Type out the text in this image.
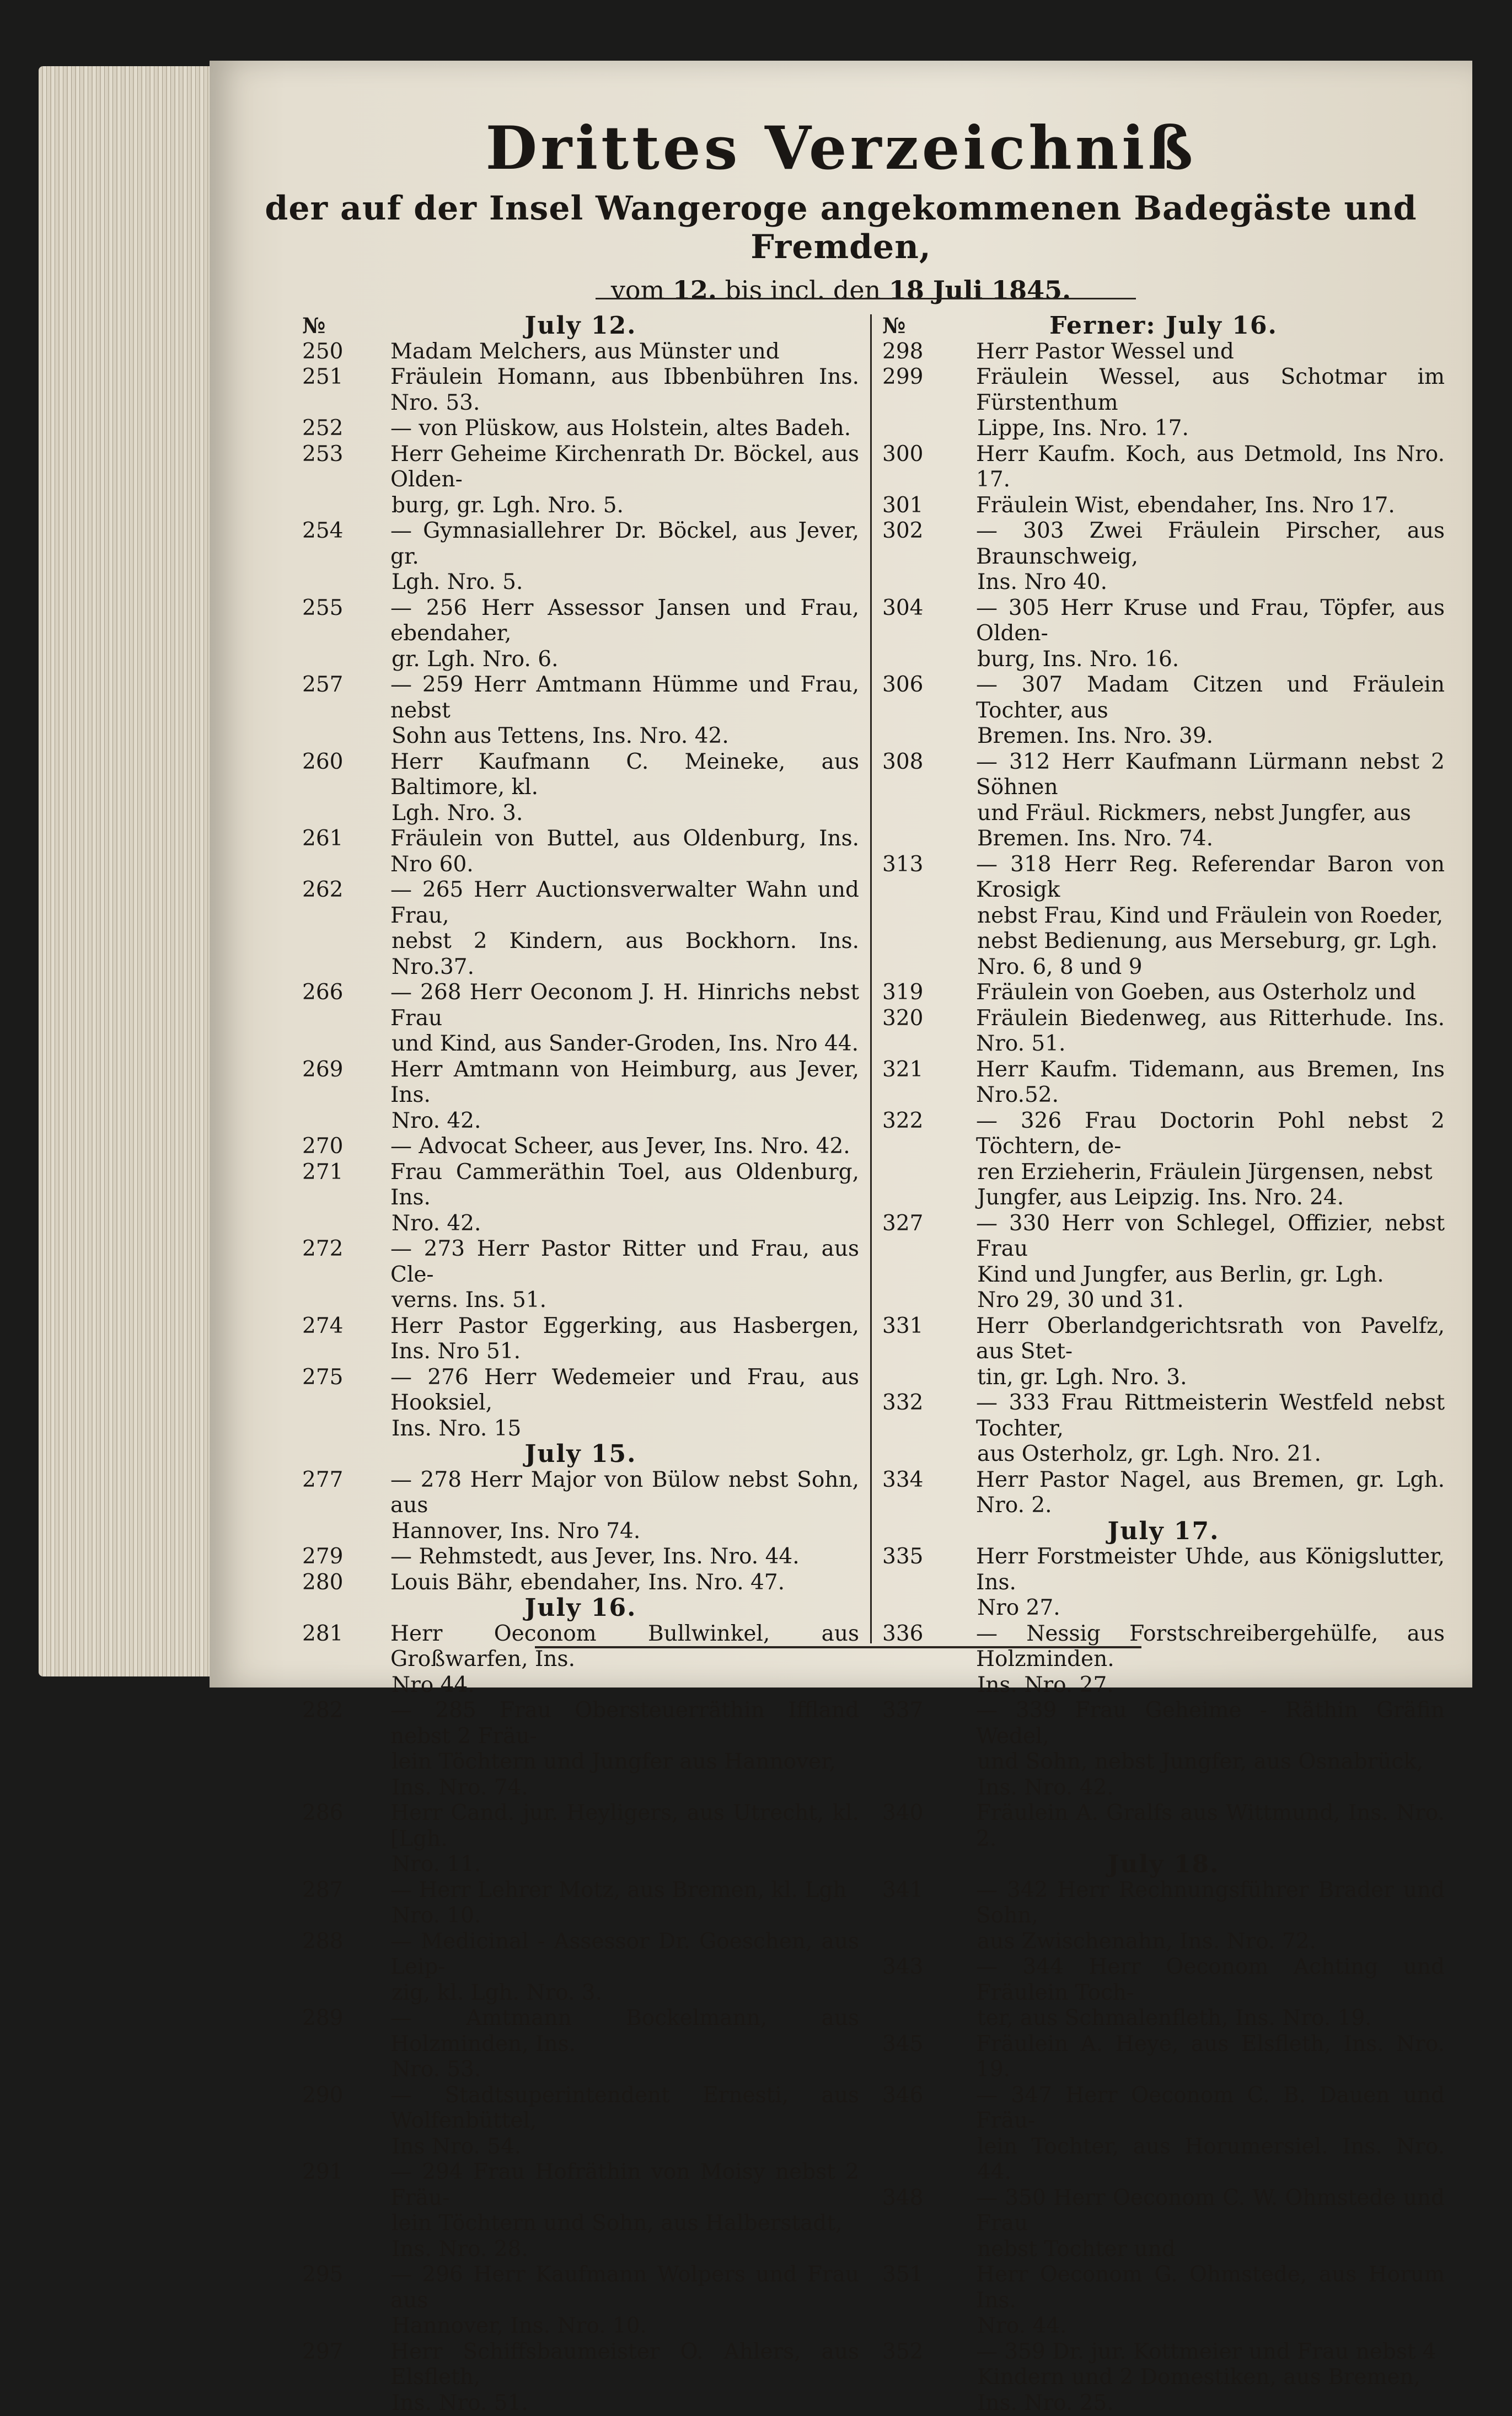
Drittes Verzeichniß
der auf der Insel Wangeroge angekommenen Badegäste und Fremden,
vom 12. bis incl. den 18 Juli 1845.
№	July 12.
250	Madam Melchers, aus Münster und
251	Fräulein Homann, aus Ibbenbühren Ins. Nro. 53.
252	— von Plüskow, aus Holstein, altes Badeh.
253	Herr Geheime Kirchenrath Dr. Böckel, aus Olden-
burg, gr. Lgh. Nro. 5.
254	— Gymnasiallehrer Dr. Böckel, aus Jever, gr.
Lgh. Nro. 5.
255	— 256 Herr Assessor Jansen und Frau, ebendaher,
gr. Lgh. Nro. 6.
257	— 259 Herr Amtmann Hümme und Frau, nebst
Sohn aus Tettens, Ins. Nro. 42.
260	Herr Kaufmann C. Meineke, aus Baltimore, kl.
Lgh. Nro. 3.
261	Fräulein von Buttel, aus Oldenburg, Ins. Nro 60.
262	— 265 Herr Auctionsverwalter Wahn und Frau,
nebst 2 Kindern, aus Bockhorn. Ins. Nro.37.
266	— 268 Herr Oeconom J. H. Hinrichs nebst Frau
und Kind, aus Sander-Groden, Ins. Nro 44.
269	Herr Amtmann von Heimburg, aus Jever, Ins.
Nro. 42.
270	— Advocat Scheer, aus Jever, Ins. Nro. 42.
271	Frau Cammeräthin Toel, aus Oldenburg, Ins.
Nro. 42.
272	— 273 Herr Pastor Ritter und Frau, aus Cle-
verns. Ins. 51.
274	Herr Pastor Eggerking, aus Hasbergen, Ins. Nro 51.
275	— 276 Herr Wedemeier und Frau, aus Hooksiel,
Ins. Nro. 15
July 15.
277	— 278 Herr Major von Bülow nebst Sohn, aus
Hannover, Ins. Nro 74.
279	— Rehmstedt, aus Jever, Ins. Nro. 44.
280	Louis Bähr, ebendaher, Ins. Nro. 47.
July 16.
281	Herr Oeconom Bullwinkel, aus Großwarfen, Ins.
Nro 44.
282	— 285 Frau Obersteuerräthin Iffland nebst 2 Fräu-
lein Töchtern und Jungfer aus Hannover,
Ins. Nro. 74.
286	Herr Cand. jur. Heyligers, aus Utrecht, kl. [Lgh.
Nro. 11.
287	— Herr Lehrer Motz, aus Bremen, kl. Lgh
Nro. 10.
288	— Medicinal - Assessor Dr. Goeschen, aus Leip-
zig, kl. Lgh. Nro. 3.
289	— Amtmann Bockelmann, aus Holzminden, Ins.
Nro. 53.
290	— Stadtsuperintendent Ernesti, aus Wolfenbüttel,
Ins Nro. 54.
291	— 294 Frau Hofräthin von Moisy nebst 2 Fräu-
lein Töchtern und Sohn, aus Halberstadt,
Ins. Nro. 28.
295	— 296 Herr Kaufmann Wolpers und Frau aus
Hannover, Ins. Nro. 10.
297	Herr Schiffsbaumeister O. Ahlers, aus Elsfleth,
Ins. Nro. 51.
№	Ferner: July 16.
298	Herr Pastor Wessel und
299	Fräulein Wessel, aus Schotmar im Fürstenthum
Lippe, Ins. Nro. 17.
300	Herr Kaufm. Koch, aus Detmold, Ins Nro. 17.
301	Fräulein Wist, ebendaher, Ins. Nro 17.
302	— 303 Zwei Fräulein Pirscher, aus Braunschweig,
Ins. Nro 40.
304	— 305 Herr Kruse und Frau, Töpfer, aus Olden-
burg, Ins. Nro. 16.
306	— 307 Madam Citzen und Fräulein Tochter, aus
Bremen. Ins. Nro. 39.
308	— 312 Herr Kaufmann Lürmann nebst 2 Söhnen
und Fräul. Rickmers, nebst Jungfer, aus
Bremen. Ins. Nro. 74.
313	— 318 Herr Reg. Referendar Baron von Krosigk
nebst Frau, Kind und Fräulein von Roeder,
nebst Bedienung, aus Merseburg, gr. Lgh.
Nro. 6, 8 und 9
319	Fräulein von Goeben, aus Osterholz und
320	Fräulein Biedenweg, aus Ritterhude. Ins. Nro. 51.
321	Herr Kaufm. Tidemann, aus Bremen, Ins Nro.52.
322	— 326 Frau Doctorin Pohl nebst 2 Töchtern, de-
ren Erzieherin, Fräulein Jürgensen, nebst
Jungfer, aus Leipzig. Ins. Nro. 24.
327	— 330 Herr von Schlegel, Offizier, nebst Frau
Kind und Jungfer, aus Berlin, gr. Lgh.
Nro 29, 30 und 31.
331	Herr Oberlandgerichtsrath von Pavelfz, aus Stet-
tin, gr. Lgh. Nro. 3.
332	— 333 Frau Rittmeisterin Westfeld nebst Tochter,
aus Osterholz, gr. Lgh. Nro. 21.
334	Herr Pastor Nagel, aus Bremen, gr. Lgh. Nro. 2.
July 17.
335	Herr Forstmeister Uhde, aus Königslutter, Ins.
Nro 27.
336	— Nessig Forstschreibergehülfe, aus Holzminden.
Ins. Nro. 27.
337	— 339 Frau Geheime - Räthin Gräfin Wedel,
und Sohn, nebst Jungfer, aus Osnabrück,
Ins. Nro. 42.
340	Fräulein A. Gralfs aus Wittmund, Ins. Nro. 2.
July 18.
341	— 342 Herr Rechnungsführer Brader und Sohn,
aus Zwischenahn, Ins. Nro. 72.
343	— 344 Herr Oeconom Achting und Fräulein Toch-
ter, aus Schmalenfleth, Ins. Nro. 19.
345	Fräulein A. Heye, aus Elsfleth, Ins. Nro. 19.
346	— 347 Herr Oeconom C. B. Dauen und Fräu-
lein Tochter, aus Horumersiel. Ins. Nro. 44.
348	— 350 Herr Oeconom C. W. Ohmstede und Frau
nebst Tochter und
351	Herr Oeconom G. Ohmstede, aus Horum Ins.
Nro. 44.
352	— 359 Dr. jur. Kottmeier und Frau nebst 4
Kindern und 2 Domestiken, aus Bremen,
Ins. Nro. 25.
